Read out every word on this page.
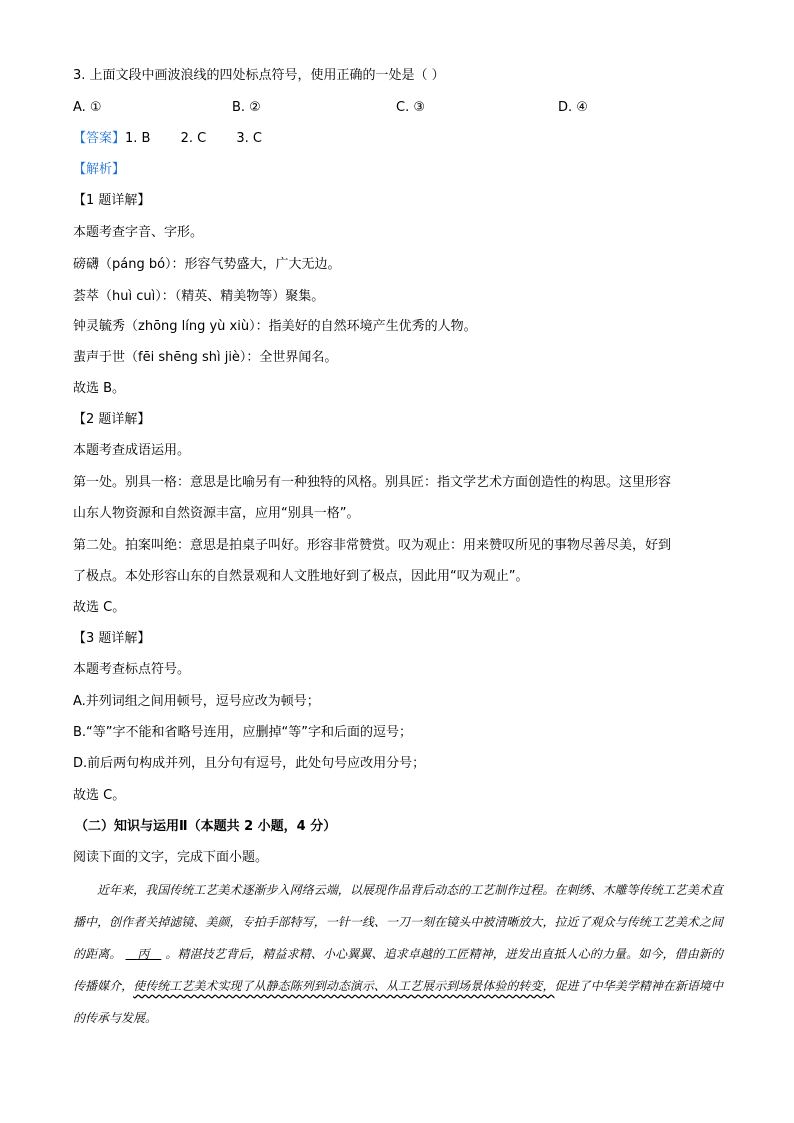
3. 上面文段中画波浪线的四处标点符号，使用正确的一处是（ ）
A. ①	B. ②	C. ③	D. ④
【答案】1. B 2. C 3. C
【解析】
【1 题详解】
本题考查字音、字形。
磅礴（páng bó）：形容气势盛大，广大无边。
荟萃（huì cuì）：（精英、精美物等）聚集。
钟灵毓秀（zhōng líng yù xiù）：指美好的自然环境产生优秀的人物。
蜚声于世（fēi shēng shì jiè）：全世界闻名。
故选 B。
【2 题详解】
本题考查成语运用。
第一处。别具一格：意思是比喻另有一种独特的风格。别具匠：指文学艺术方面创造性的构思。这里形容
山东人物资源和自然资源丰富，应用“别具一格”。
第二处。拍案叫绝：意思是拍桌子叫好。形容非常赞赏。叹为观止：用来赞叹所见的事物尽善尽美，好到
了极点。本处形容山东的自然景观和人文胜地好到了极点，因此用“叹为观止”。
故选 C。
【3 题详解】
本题考查标点符号。
A.并列词组之间用顿号，逗号应改为顿号；
B.“等”字不能和省略号连用，应删掉“等”字和后面的逗号；
D.前后两句构成并列，且分句有逗号，此处句号应改用分号；
故选 C。
（二）知识与运用Ⅱ（本题共 2 小题，4 分）
阅读下面的文字，完成下面小题。
近年来，我国传统工艺美术逐渐步入网络云端，以展现作品背后动态的工艺制作过程。在刺绣、木雕等传统工艺美术直播中，创作者关掉滤镜、美颜，专拍手部特写，一针一线、一刀一刻在镜头中被清晰放大，拉近了观众与传统工艺美术之间的距离。 丙 。精湛技艺背后，精益求精、小心翼翼、追求卓越的工匠精神，迸发出直抵人心的力量。如今，借由新的传播媒介，使传统工艺美术实现了从静态陈列到动态演示、从工艺展示到场景体验的转变，促进了中华美学精神在新语境中的传承与发展。
